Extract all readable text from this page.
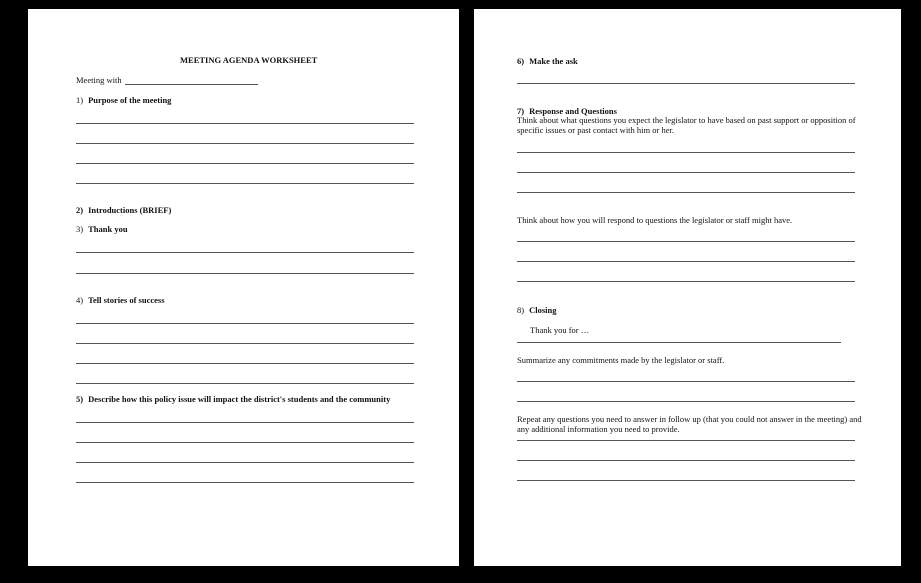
MEETING AGENDA WORKSHEET
Meeting with
1) Purpose of the meeting
2) Introductions (BRIEF)
3) Thank you
4) Tell stories of success
5) Describe how this policy issue will impact the district's students and the community
6) Make the ask
7) Response and Questions
Think about what questions you expect the legislator to have based on past support or opposition of specific issues or past contact with him or her.
Think about how you will respond to questions the legislator or staff might have.
8) Closing
Thank you for …
Summarize any commitments made by the legislator or staff.
Repeat any questions you need to answer in follow up (that you could not answer in the meeting) and any additional information you need to provide.
